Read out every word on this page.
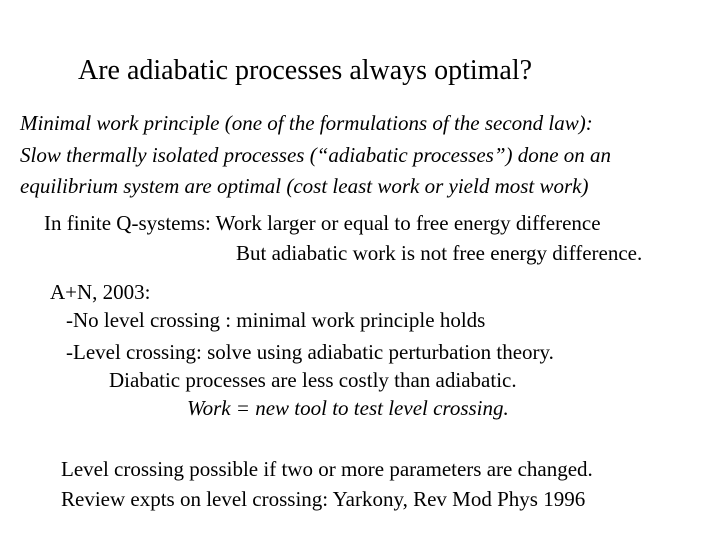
Are adiabatic processes always optimal?
Minimal work principle (one of the formulations of the second law):
Slow thermally isolated processes (“adiabatic processes”) done on an
equilibrium system are optimal (cost least work or yield most work)
In finite Q-systems: Work larger or equal to free energy difference
But adiabatic work is not free energy difference.
A+N, 2003:
-No level crossing : minimal work principle holds
-Level crossing: solve using adiabatic perturbation theory.
Diabatic processes are less costly than adiabatic.
Work = new tool to test level crossing.
Level crossing possible if two or more parameters are changed.
Review expts on level crossing: Yarkony, Rev Mod Phys 1996
